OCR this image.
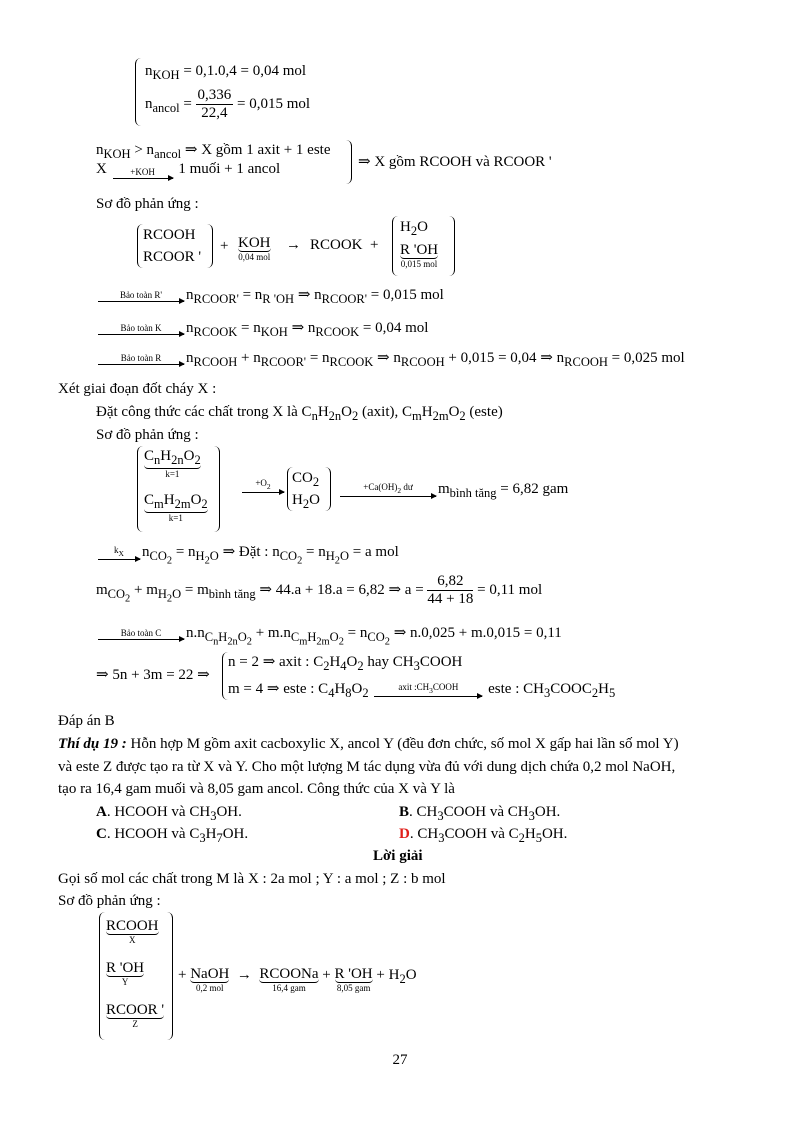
$n_{KOH} = 0,1.0,4 = 0,04$ mol
$n_{ancol} = \frac{0,336}{22,4} = 0,015$ mol
$n_{KOH} > n_{ancol}$ ⇒ X gồm 1 axit + 1 este
X	+KOH	1 muối + 1 ancol	⇒ X gồm RCOOH và RCOOR '
Sơ đồ phản ứng :
RCOOH
RCOOR '
+ KOH
0,04 mol
→ RCOOK  +
$H_2O$
R 'OH
0,015 mol
Bảo toàn R'	$n_{RCOOR'} = n_{R 'OH}$ ⇒ $n_{RCOOR'} = 0,015$ mol
Bảo toàn K	$n_{RCOOK} = n_{KOH}$ ⇒ $n_{RCOOK} = 0,04$ mol
Bảo toàn R	$n_{RCOOH} + n_{RCOOR'} = n_{RCOOK}$ ⇒ $n_{RCOOH} + 0,015 = 0,04$ ⇒ $n_{RCOOH} = 0,025$ mol
Xét giai đoạn đốt cháy X :
Đặt công thức các chất trong X là $C_nH_{2n}O_2$ (axit), $C_mH_{2m}O_2$ (este)
Sơ đồ phản ứng :
$C_nH_{2n}O_2$
k=1
$C_mH_{2m}O_2$
k=1
$+O_2$	$CO_2$
$H_2O$
$+Ca(OH)_2$ dư	$m_{bình tăng} = 6,82$ gam
$k_X$	$n_{CO_2} = n_{H_2O}$ ⇒ Đặt : $n_{CO_2} = n_{H_2O} = a$ mol
$m_{CO_2} + m_{H_2O} = m_{bình tăng}$ ⇒ 44.a + 18.a = 6,82 ⇒ $a = \frac{6,82}{44 + 18} = 0,11$ mol
Bảo toàn C	$n.n_{C_nH_{2n}O_2} + m.n_{C_mH_{2m}O_2} = n_{CO_2}$ ⇒ n.0,025 + m.0,015 = 0,11
⇒ 5n + 3m = 22 ⇒
n = 2 ⇒ axit : $C_2H_4O_2$ hay $CH_3COOH$
m = 4 ⇒ este : $C_4H_8O_2$	axit $:CH_3COOH$	este : $CH_3COOC_2H_5$
Đáp án B
Thí dụ 19 : Hỗn hợp M gồm axit cacboxylic X, ancol Y (đều đơn chức, số mol X gấp hai lần số mol Y)
và este Z được tạo ra từ X và Y. Cho một lượng M tác dụng vừa đủ với dung dịch chứa 0,2 mol NaOH,
tạo ra 16,4 gam muối và 8,05 gam ancol. Công thức của X và Y là
A. HCOOH và $CH_3OH$.	B. $CH_3COOH$ và $CH_3OH$.
C. HCOOH và $C_3H_7OH$.	D. $CH_3COOH$ và $C_2H_5OH$.
Lời giải
Gọi số mol các chất trong M là X : 2a mol ; Y : a mol ; Z : b mol
Sơ đồ phản ứng :
RCOOH
X
R 'OH
Y
RCOOR '
Z
+ NaOH
0,2 mol
→ RCOONa
16,4 gam
+ R 'OH
8,05 gam
+ $H_2O$
27
